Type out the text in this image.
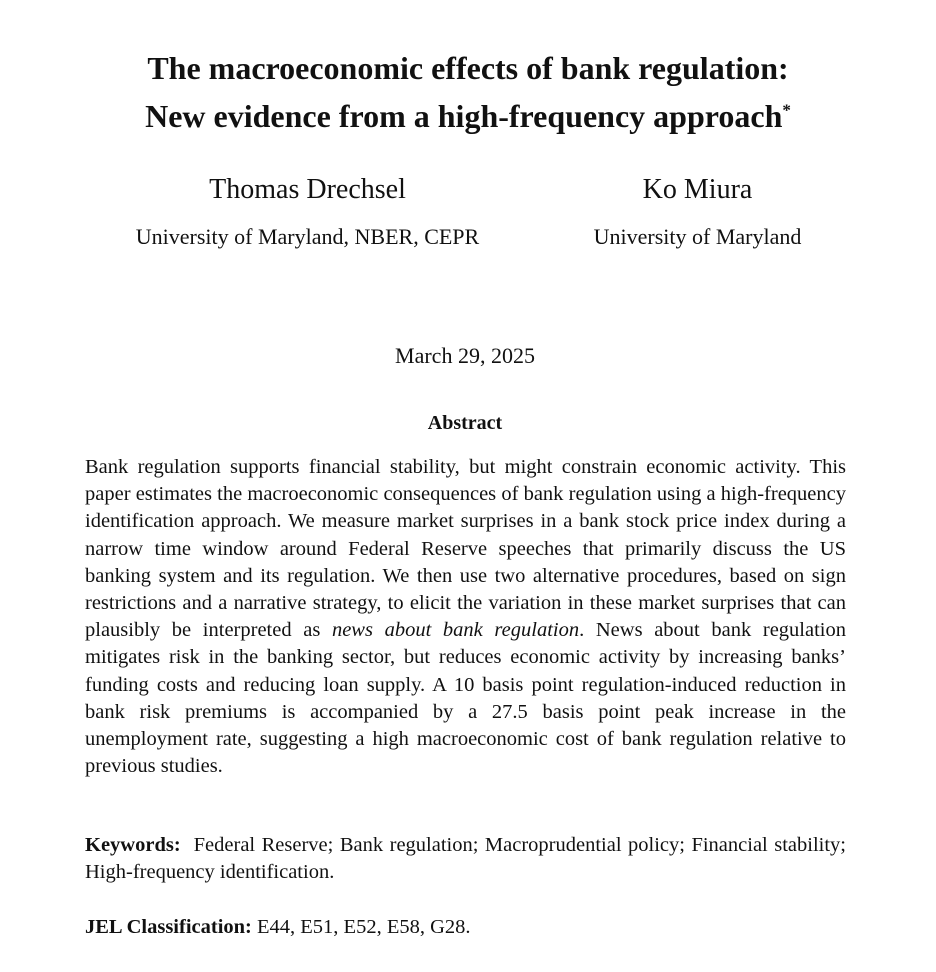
The macroeconomic effects of bank regulation:
New evidence from a high-frequency approach*
Thomas Drechsel
University of Maryland, NBER, CEPR
Ko Miura
University of Maryland
March 29, 2025
Abstract
Bank regulation supports financial stability, but might constrain economic activity. This paper estimates the macroeconomic consequences of bank regulation using a high-frequency identification approach. We measure market surprises in a bank stock price index during a narrow time window around Federal Reserve speeches that primarily discuss the US banking system and its regulation. We then use two alternative procedures, based on sign restrictions and a narrative strategy, to elicit the variation in these market surprises that can plausibly be interpreted as news about bank regulation. News about bank regulation mitigates risk in the banking sector, but reduces economic activity by increasing banks’ funding costs and reducing loan supply. A 10 basis point regulation-induced reduction in bank risk premiums is accompanied by a 27.5 basis point peak increase in the unemployment rate, suggesting a high macroeconomic cost of bank regulation relative to previous studies.
Keywords: Federal Reserve; Bank regulation; Macroprudential policy; Financial stability; High-frequency identification.
JEL Classification: E44, E51, E52, E58, G28.
